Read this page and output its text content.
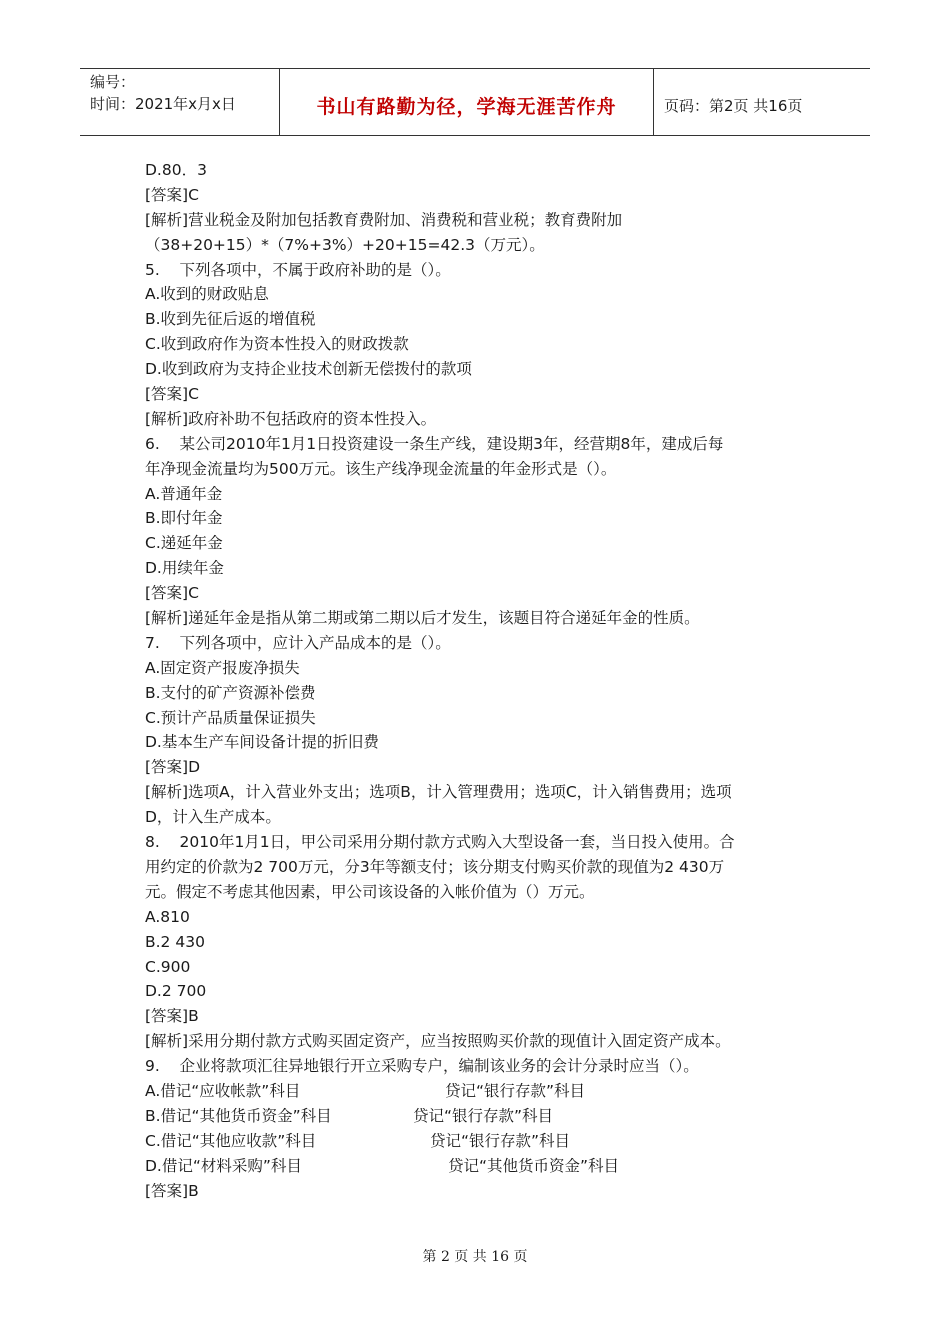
编号：
时间：2021年x月x日	书山有路勤为径，学海无涯苦作舟	页码：第2页 共16页
D.80．3
[答案]C
[解析]营业税金及附加包括教育费附加、消费税和营业税；教育费附加
（38+20+15）*（7%+3%）+20+15=42.3（万元）。
5.    下列各项中，不属于政府补助的是（）。
A.收到的财政贴息
B.收到先征后返的增值税
C.收到政府作为资本性投入的财政拨款
D.收到政府为支持企业技术创新无偿拨付的款项
[答案]C
[解析]政府补助不包括政府的资本性投入。
6.    某公司2010年1月1日投资建设一条生产线，建设期3年，经营期8年，建成后每
年净现金流量均为500万元。该生产线净现金流量的年金形式是（）。
A.普通年金
B.即付年金
C.递延年金
D.用续年金
[答案]C
[解析]递延年金是指从第二期或第二期以后才发生，该题目符合递延年金的性质。
7.    下列各项中，应计入产品成本的是（）。
A.固定资产报废净损失
B.支付的矿产资源补偿费
C.预计产品质量保证损失
D.基本生产车间设备计提的折旧费
[答案]D
[解析]选项A，计入营业外支出；选项B，计入管理费用；选项C，计入销售费用；选项
D，计入生产成本。
8.    2010年1月1日，甲公司采用分期付款方式购入大型设备一套，当日投入使用。合
用约定的价款为2 700万元，分3年等额支付；该分期支付购买价款的现值为2 430万
元。假定不考虑其他因素，甲公司该设备的入帐价值为（）万元。
A.810
B.2 430
C.900
D.2 700
[答案]B
[解析]采用分期付款方式购买固定资产，应当按照购买价款的现值计入固定资产成本。
9.    企业将款项汇往异地银行开立采购专户，编制该业务的会计分录时应当（）。
A.借记“应收帐款”科目	贷记“银行存款”科目
B.借记“其他货币资金”科目	贷记“银行存款”科目
C.借记“其他应收款”科目	贷记“银行存款”科目
D.借记“材料采购”科目	贷记“其他货币资金”科目
[答案]B
第 2 页 共 16 页
